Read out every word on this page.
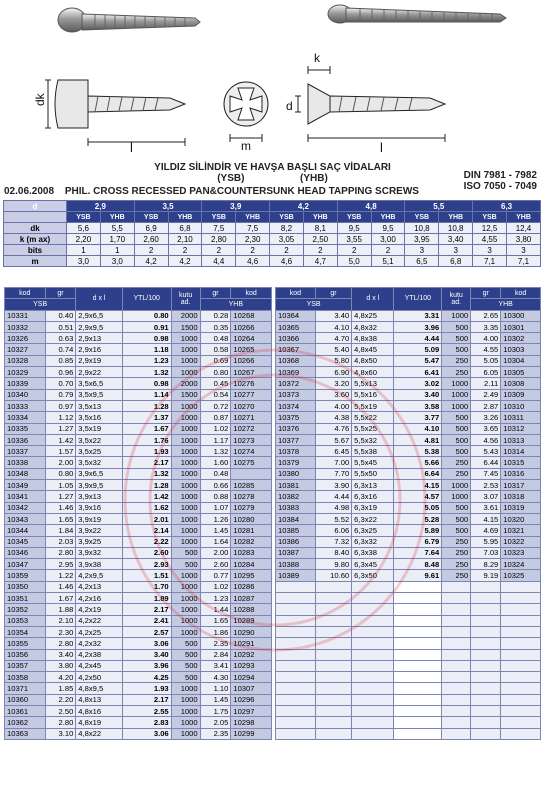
dk
l	m
k
d
l
YILDIZ SİLİNDİR VE HAVŞA BAŞLI SAÇ VİDALARI
(YSB)                    (YHB)	DIN 7981 - 7982
ISO 7050 - 7049
02.06.2008 PHIL. CROSS RECESSED PAN&COUNTERSUNK HEAD TAPPING SCREWS
d	2,9		3,5		3,9		4,2		4,8		5,5		6,3	
	YSB	YHB	YSB	YHB	YSB	YHB	YSB	YHB	YSB	YHB	YSB	YHB	YSB	YHB
dk	5,6	5,5	6,9	6,8	7,5	7,5	8,2	8,1	9,5	9,5	10,8	10,8	12,5	12,4
k (m ax)	2,20	1,70	2,60	2,10	2,80	2,30	3,05	2,50	3,55	3,00	3,95	3,40	4,55	3,80
bits	1	1	2	2	2	2	2	2	2	2	3	3	3	3
m	3,0	3,0	4,2	4,2	4,4	4,6	4,6	4,7	5,0	5,1	6,5	6,8	7,1	7,1
kod	gr	d x l	YTL/100	kutu ad.	gr	kod
YSB					YHB	
10331	0.40	2,9x6,5	0.80	2000	0.28	10268
10332	0.51	2,9x9,5	0.91	1500	0.35	10266
10326	0.63	2,9x13	0.98	1000	0.48	10264
10327	0.74	2,9x16	1.18	1000	0.58	10265
10328	0.85	2,9x19	1.23	1000	0.69	10266
10329	0.96	2,9x22	1.32	1000	0.80	10267
10339	0.70	3,5x6,5	0.98	2000	0.45	10276
10340	0.79	3,5x9,5	1.14	1500	0.54	10277
10333	0.97	3,5x13	1.28	1000	0.72	10270
10334	1.12	3,5x16	1.37	1000	0.87	10271
10335	1.27	3,5x19	1.67	1000	1.02	10272
10336	1.42	3,5x22	1.76	1000	1.17	10273
10337	1.57	3,5x25	1.93	1000	1.32	10274
10338	2.00	3,5x32	2.17	1000	1.60	10275
10348	0.80	3,9x6,5	1.32	1000	0.48	
10349	1.05	3,9x9,5	1.28	1000	0.66	10285
10341	1.27	3,9x13	1.42	1000	0.88	10278
10342	1.46	3,9x16	1.62	1000	1.07	10279
10343	1.65	3,9x19	2.01	1000	1.26	10280
10344	1.84	3,9x22	2.14	1000	1.45	10281
10345	2.03	3,9x25	2.22	1000	1.64	10282
10346	2.80	3,9x32	2.60	500	2.00	10283
10347	2.95	3,9x38	2.93	500	2.60	10284
10359	1.22	4,2x9,5	1.51	1000	0.77	10295
10350	1.46	4,2x13	1.70	1000	1.02	10286
10351	1.67	4,2x16	1.89	1000	1.23	10287
10352	1.88	4,2x19	2.17	1000	1.44	10288
10353	2.10	4,2x22	2.41	1000	1.65	10289
10354	2.30	4,2x25	2.57	1000	1.86	10290
10355	2.80	4,2x32	3.06	500	2.35	10291
10356	3.40	4,2x38	3.40	500	2.84	10292
10357	3.80	4,2x45	3.96	500	3.41	10293
10358	4.20	4,2x50	4.25	500	4.30	10294
10371	1.85	4,8x9,5	1.93	1000	1.10	10307
10360	2.20	4,8x13	2.17	1000	1.45	10296
10361	2.50	4,8x16	2.55	1000	1.75	10297
10362	2.80	4,8x19	2.83	1000	2.05	10298
10363	3.10	4,8x22	3.06	1000	2.35	10299
kod	gr	d x l	YTL/100	kutu ad.	gr	kod
YSB					YHB	
10364	3.40	4,8x25	3.31	1000	2.65	10300
10365	4.10	4,8x32	3.96	500	3.35	10301
10366	4.70	4,8x38	4.44	500	4.00	10302
10367	5.40	4,8x45	5.09	500	4.55	10303
10368	5.80	4,8x50	5.47	250	5.05	10304
10369	6.90	4,8x60	6.41	250	6.05	10305
10372	3.20	5,5x13	3.02	1000	2.11	10308
10373	3.60	5,5x16	3.40	1000	2.49	10309
10374	4.00	5,5x19	3.58	1000	2.87	10310
10375	4.38	5,5x22	3.77	500	3.26	10311
10376	4.76	5,5x25	4.10	500	3.65	10312
10377	5.67	5,5x32	4.81	500	4.56	10313
10378	6.45	5,5x38	5.38	500	5.43	10314
10379	7.00	5,5x45	5.66	250	6.44	10315
10380	7.70	5,5x50	6.64	250	7.45	10316
10381	3.90	6,3x13	4.15	1000	2.53	10317
10382	4.44	6,3x16	4.57	1000	3.07	10318
10383	4.98	6,3x19	5.05	500	3.61	10319
10384	5.52	6,3x22	5.28	500	4.15	10320
10385	6.06	6,3x25	5.89	500	4.69	10321
10386	7.32	6,3x32	6.79	250	5.95	10322
10387	8.40	6,3x38	7.64	250	7.03	10323
10388	9.80	6,3x45	8.48	250	8.29	10324
10389	10.60	6,3x50	9.61	250	9.19	10325
